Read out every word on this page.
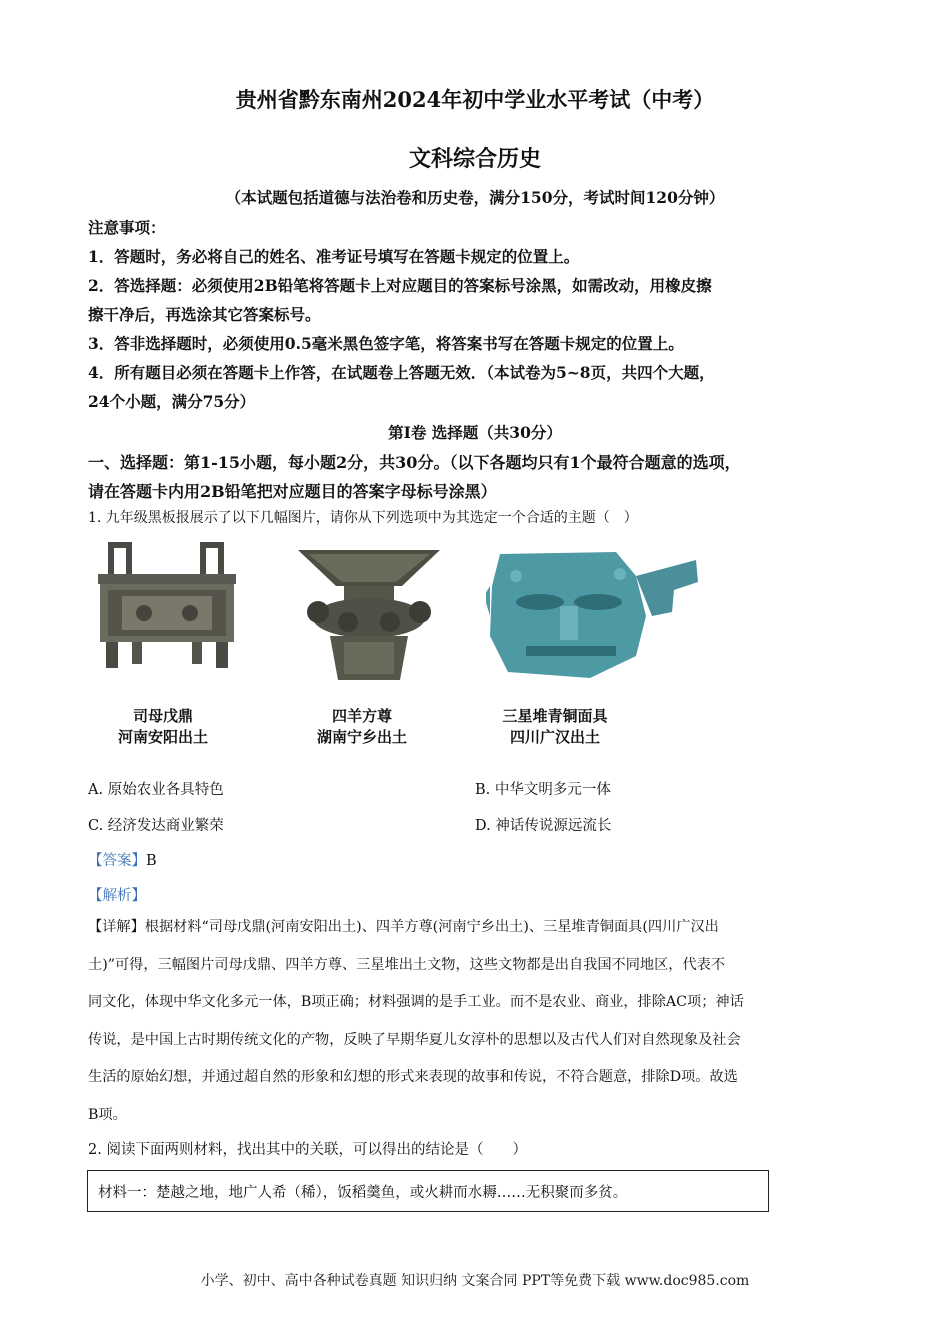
贵州省黔东南州2024年初中学业水平考试（中考）
文科综合历史
（本试题包括道德与法治卷和历史卷，满分150分，考试时间120分钟）
注意事项：
1．答题时，务必将自己的姓名、准考证号填写在答题卡规定的位置上。
2．答选择题：必须使用2B铅笔将答题卡上对应题目的答案标号涂黑，如需改动，用橡皮擦
擦干净后，再选涂其它答案标号。
3．答非选择题时，必须使用0.5毫米黑色签字笔，将答案书写在答题卡规定的位置上。
4．所有题目必须在答题卡上作答，在试题卷上答题无效．（本试卷为5~8页，共四个大题，
24个小题，满分75分）
第I卷 选择题（共30分）
一、选择题：第1-15小题，每小题2分，共30分。（以下各题均只有1个最符合题意的选项，
请在答题卡内用2B铅笔把对应题目的答案字母标号涂黑）
1. 九年级黑板报展示了以下几幅图片，请你从下列选项中为其选定一个合适的主题（　）
司母戊鼎
河南安阳出土
四羊方尊
湖南宁乡出土
三星堆青铜面具
四川广汉出土
A. 原始农业各具特色	B. 中华文明多元一体
C. 经济发达商业繁荣	D. 神话传说源远流长
【答案】B
【解析】
【详解】根据材料“司母戊鼎(河南安阳出土)、四羊方尊(河南宁乡出土)、三星堆青铜面具(四川广汉出
土)”可得，三幅图片司母戊鼎、四羊方尊、三星堆出土文物，这些文物都是出自我国不同地区，代表不
同文化，体现中华文化多元一体，B项正确；材料强调的是手工业。而不是农业、商业，排除AC项；神话
传说，是中国上古时期传统文化的产物，反映了早期华夏儿女淳朴的思想以及古代人们对自然现象及社会
生活的原始幻想，并通过超自然的形象和幻想的形式来表现的故事和传说，不符合题意，排除D项。故选
B项。
2. 阅读下面两则材料，找出其中的关联，可以得出的结论是（　　）
材料一：楚越之地，地广人希（稀），饭稻羹鱼，或火耕而水耨……无积聚而多贫。
小学、初中、高中各种试卷真题 知识归纳 文案合同 PPT等免费下载 www.doc985.com
